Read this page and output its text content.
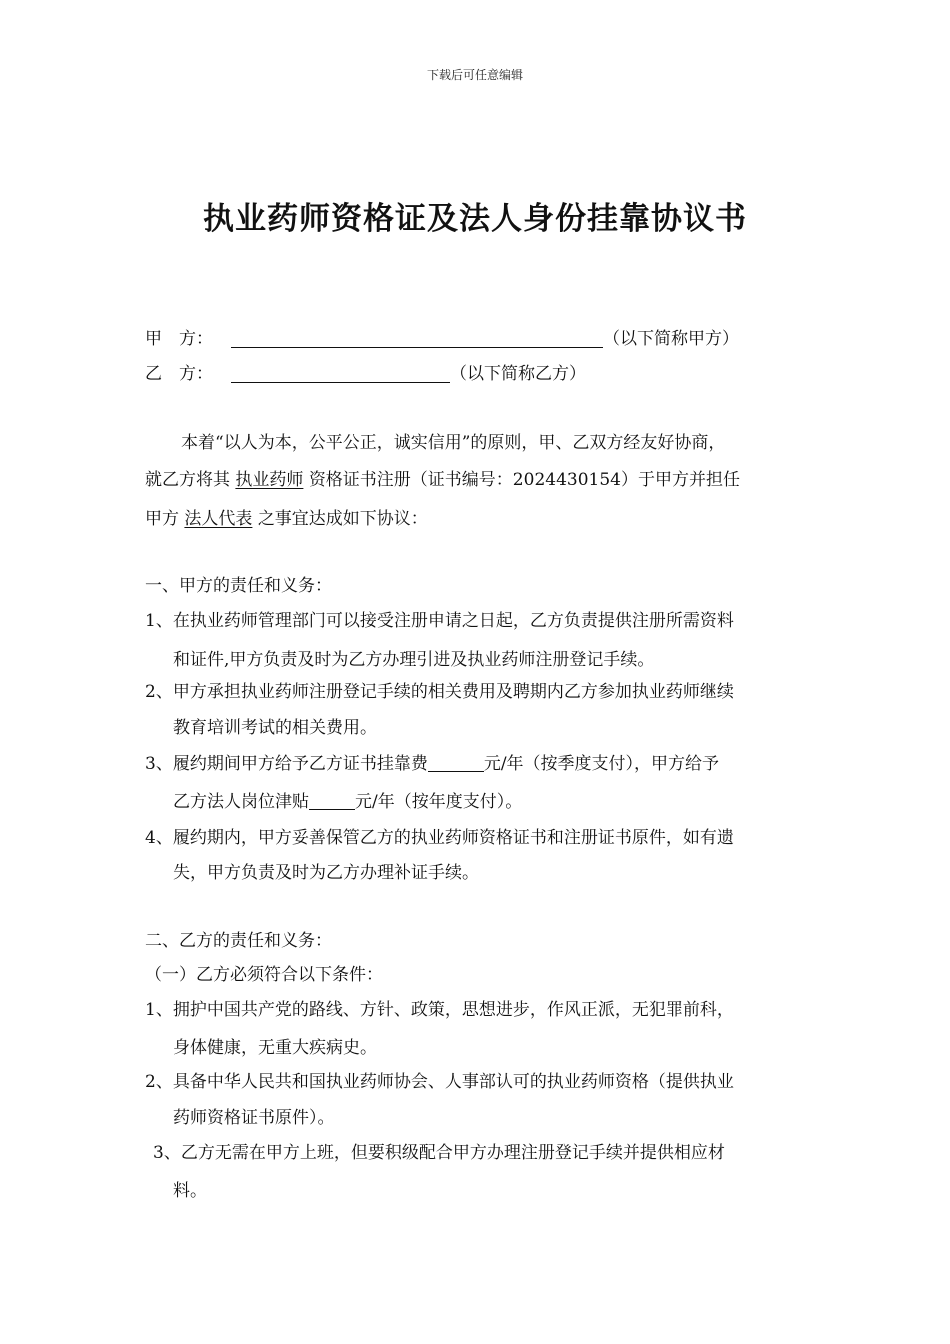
下载后可任意编辑
执业药师资格证及法人身份挂靠协议书
甲　方：	（以下简称甲方）
乙　方：	（以下简称乙方）
本着“以人为本，公平公正，诚实信用”的原则，甲、乙双方经友好协商，
就乙方将其 执业药师 资格证书注册（证书编号：2024430154）于甲方并担任
甲方 法人代表 之事宜达成如下协议：
一、甲方的责任和义务：
1、在执业药师管理部门可以接受注册申请之日起，乙方负责提供注册所需资料
和证件,甲方负责及时为乙方办理引进及执业药师注册登记手续。
2、甲方承担执业药师注册登记手续的相关费用及聘期内乙方参加执业药师继续
教育培训考试的相关费用。
3、履约期间甲方给予乙方证书挂靠费	元/年（按季度支付），甲方给予
乙方法人岗位津贴	元/年（按年度支付）。
4、履约期内，甲方妥善保管乙方的执业药师资格证书和注册证书原件，如有遗
失，甲方负责及时为乙方办理补证手续。
二、乙方的责任和义务：
（一）乙方必须符合以下条件：
1、拥护中国共产党的路线、方针、政策，思想进步，作风正派，无犯罪前科，
身体健康，无重大疾病史。
2、具备中华人民共和国执业药师协会、人事部认可的执业药师资格（提供执业
药师资格证书原件）。
3、乙方无需在甲方上班，但要积级配合甲方办理注册登记手续并提供相应材
料。
